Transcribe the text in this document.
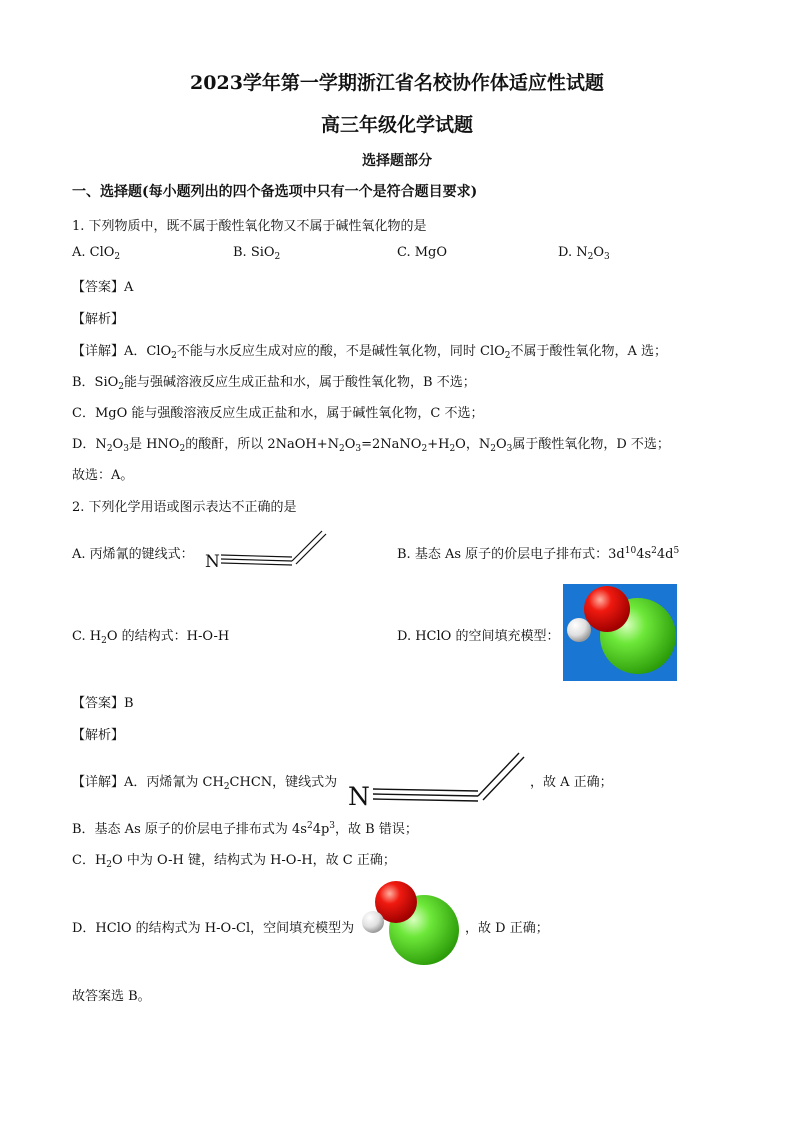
2023学年第一学期浙江省名校协作体适应性试题
高三年级化学试题
选择题部分
一、选择题(每小题列出的四个备选项中只有一个是符合题目要求)
1. 下列物质中，既不属于酸性氧化物又不属于碱性氧化物的是
A. ClO$_2$	B. SiO$_2$	C. MgO	D. $N_2O_3$
【答案】A
【解析】
【详解】A．ClO$_2$不能与水反应生成对应的酸，不是碱性氧化物，同时 ClO$_2$不属于酸性氧化物，A 选；
B．SiO$_2$能与强碱溶液反应生成正盐和水，属于酸性氧化物，B 不选；
C．MgO 能与强酸溶液反应生成正盐和水，属于碱性氧化物，C 不选；
D．$N_2O_3$是 $HNO_2$的酸酐，所以 $2NaOH+N_2O_3=2NaNO_2+H_2O$，$N_2O_3$属于酸性氧化物，D 不选；
故选：A。
2. 下列化学用语或图示表达不正确的是
A. 丙烯氰的键线式： N	B. 基态 As 原子的价层电子排布式：$3d^{10}4s^24d^5$
C. $H_2O$ 的结构式：H-O-H	D. HClO 的空间填充模型：
【答案】B
【解析】
【详解】A．丙烯氰为 $CH_2CHCN$，键线式为 N	，故 A 正确；
B．基态 As 原子的价层电子排布式为 $4s^24p^3$，故 B 错误；
C．$H_2O$ 中为 O-H 键，结构式为 H-O-H，故 C 正确；
D．HClO 的结构式为 H-O-Cl，空间填充模型为	，故 D 正确；
故答案选 B。
